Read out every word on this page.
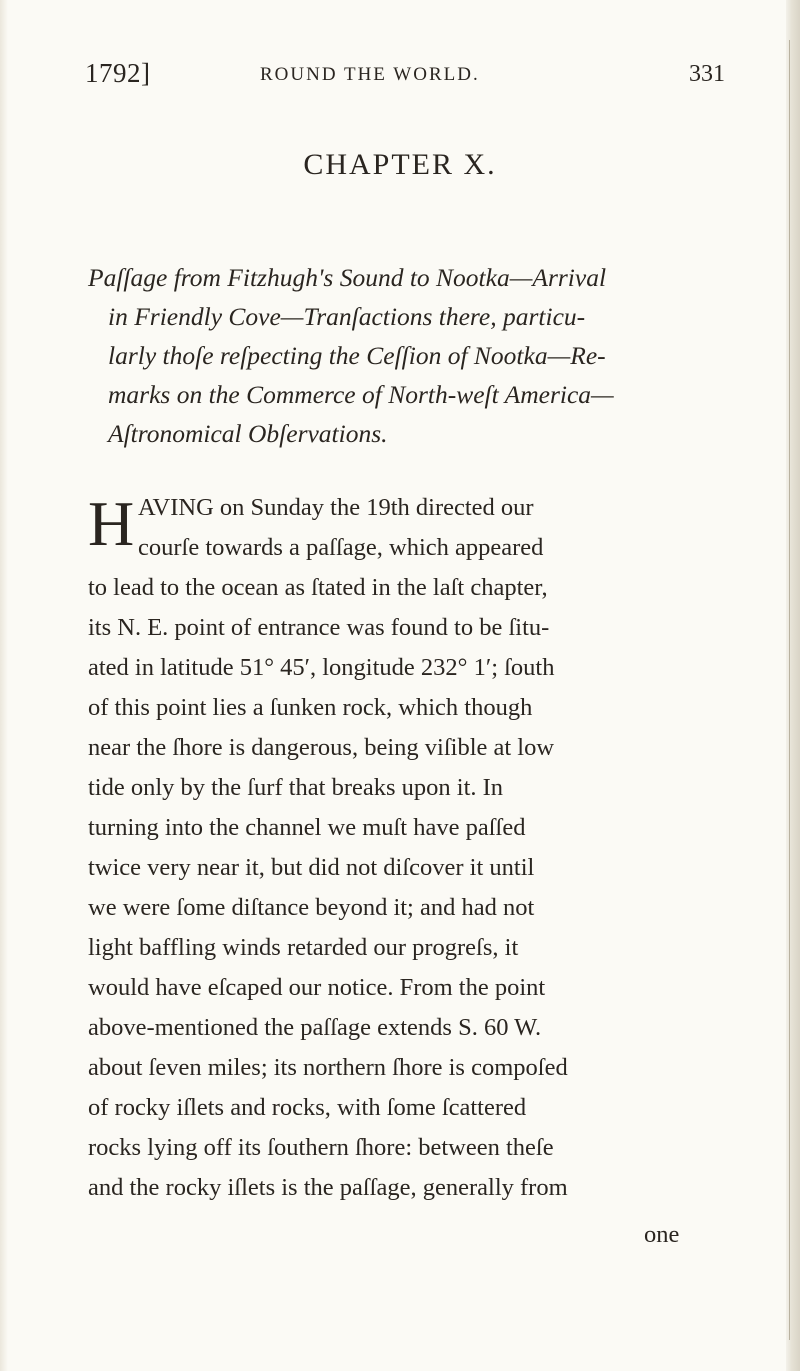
1792]	ROUND THE WORLD.	331
CHAPTER X.
Paſſage from Fitzhugh's Sound to Nootka—Arrival
in Friendly Cove—Tranſactions there, particu-
larly thoſe reſpecting the Ceſſion of Nootka—Re-
marks on the Commerce of North-weſt America—
Aſtronomical Obſervations.
H AVING on Sunday the 19th directed our
courſe towards a paſſage, which appeared
to lead to the ocean as ſtated in the laſt chapter,
its N. E. point of entrance was found to be ſitu-
ated in latitude 51° 45′, longitude 232° 1′; ſouth
of this point lies a ſunken rock, which though
near the ſhore is dangerous, being viſible at low
tide only by the ſurf that breaks upon it. In
turning into the channel we muſt have paſſed
twice very near it, but did not diſcover it until
we were ſome diſtance beyond it; and had not
light baffling winds retarded our progreſs, it
would have eſcaped our notice. From the point
above-mentioned the paſſage extends S. 60 W.
about ſeven miles; its northern ſhore is compoſed
of rocky iſlets and rocks, with ſome ſcattered
rocks lying off its ſouthern ſhore: between theſe
and the rocky iſlets is the paſſage, generally from
one
